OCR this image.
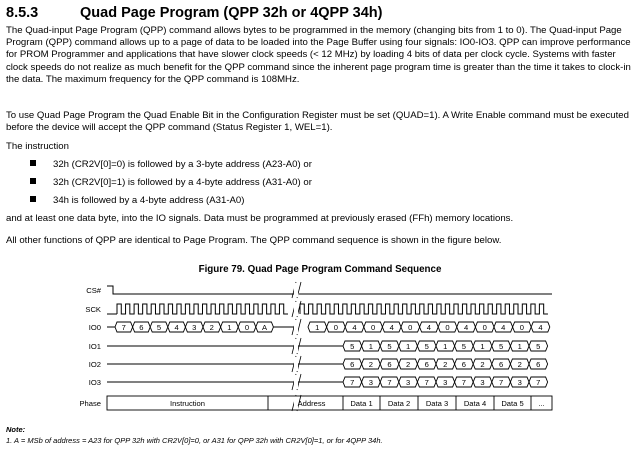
8.5.3	Quad Page Program (QPP 32h or 4QPP 34h)
The Quad-input Page Program (QPP) command allows bytes to be programmed in the memory (changing bits from 1 to 0). The Quad-input Page Program (QPP) command allows up to a page of data to be loaded into the Page Buffer using four signals: IO0-IO3. QPP can improve performance for PROM Programmer and applications that have slower clock speeds (< 12 MHz) by loading 4 bits of data per clock cycle. Systems with faster clock speeds do not realize as much benefit for the QPP command since the inherent page program time is greater than the time it takes to clock-in the data. The maximum frequency for the QPP command is 108MHz.
To use Quad Page Program the Quad Enable Bit in the Configuration Register must be set (QUAD=1). A Write Enable command must be executed before the device will accept the QPP command (Status Register 1, WEL=1).
The instruction
32h (CR2V[0]=0) is followed by a 3-byte address (A23-A0) or
32h (CR2V[0]=1) is followed by a 4-byte address (A31-A0) or
34h is followed by a 4-byte address (A31-A0)
and at least one data byte, into the IO signals. Data must be programmed at previously erased (FFh) memory locations.
All other functions of QPP are identical to Page Program. The QPP command sequence is shown in the figure below.
Figure 79. Quad Page Program Command Sequence
CS#
SCK
IO0
IO1
IO2
IO3
Phase
7 6 5 4 3 2 1 0 A	1 0 4 0 4 0 4 0 4 0 4 0 4
5 1 5 1 5 1 5 1 5 1 5
6 2 6 2 6 2 6 2 6 2 6
7 3 7 3 7 3 7 3 7 3 7
Instruction	Address	Data 1 Data 2 Data 3 Data 4 Data 5 ...
Note:
1. A = MSb of address = A23 for QPP 32h with CR2V[0]=0, or A31 for QPP 32h with CR2V[0]=1, or for 4QPP 34h.
